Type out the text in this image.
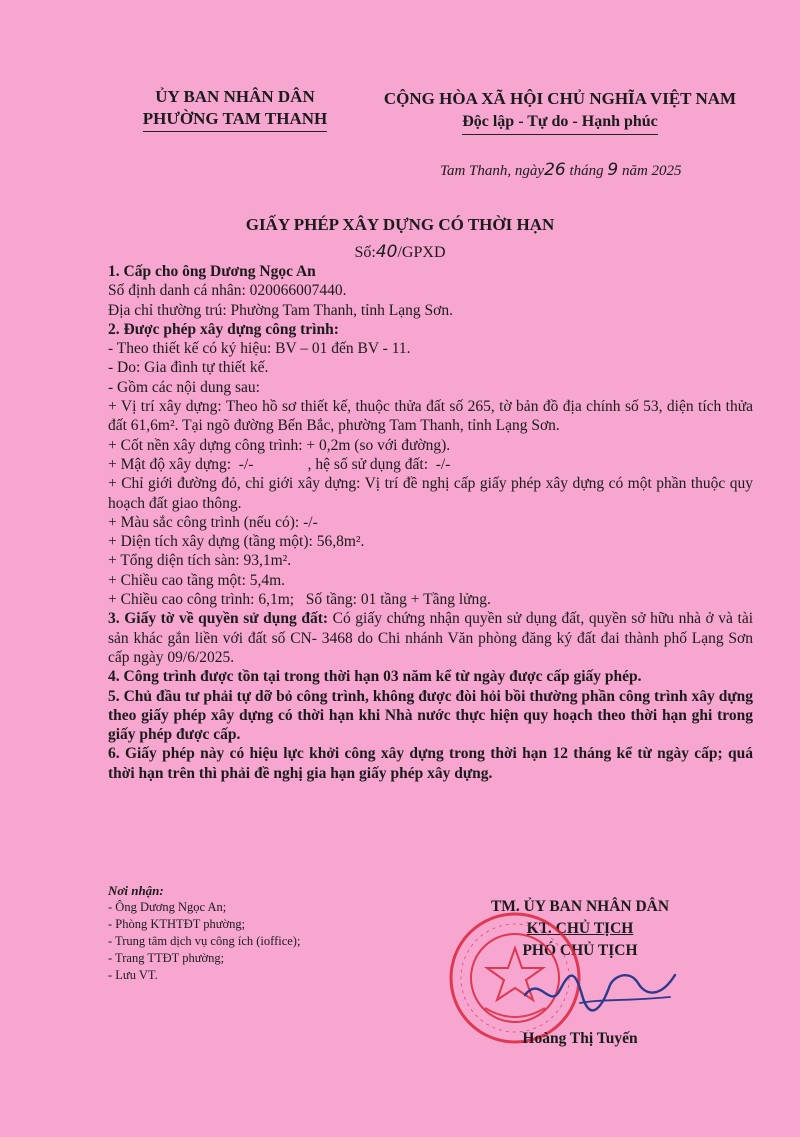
ỦY BAN NHÂN DÂN
PHƯỜNG TAM THANH
CỘNG HÒA XÃ HỘI CHỦ NGHĨA VIỆT NAM
Độc lập - Tự do - Hạnh phúc
Tam Thanh, ngày26 tháng 9 năm 2025
GIẤY PHÉP XÂY DỰNG CÓ THỜI HẠN
Số:40/GPXD

1. Cấp cho ông Dương Ngọc An

Số định danh cá nhân: 020066007440.

Địa chỉ thường trú: Phường Tam Thanh, tỉnh Lạng Sơn.

2. Được phép xây dựng công trình:

- Theo thiết kế có ký hiệu: BV – 01 đến BV - 11.

- Do: Gia đình tự thiết kế.

- Gồm các nội dung sau:

+ Vị trí xây dựng: Theo hồ sơ thiết kế, thuộc thửa đất số 265, tờ bản đồ địa chính số 53, diện tích thửa đất 61,6m². Tại ngõ đường Bến Bắc, phường Tam Thanh, tỉnh Lạng Sơn.

+ Cốt nền xây dựng công trình: + 0,2m (so với đường).

+ Mật độ xây dựng:  -/-              , hệ số sử dụng đất:  -/-

+ Chỉ giới đường đỏ, chỉ giới xây dựng: Vị trí đề nghị cấp giấy phép xây dựng có một phần thuộc quy hoạch đất giao thông.

+ Màu sắc công trình (nếu có): -/-

+ Diện tích xây dựng (tầng một): 56,8m².

+ Tổng diện tích sàn: 93,1m².

+ Chiều cao tầng một: 5,4m.

+ Chiều cao công trình: 6,1m;   Số tầng: 01 tầng + Tầng lửng.

3. Giấy tờ về quyền sử dụng đất: Có giấy chứng nhận quyền sử dụng đất, quyền sở hữu nhà ở và tài sản khác gắn liền với đất số CN- 3468 do Chi nhánh Văn phòng đăng ký đất đai thành phố Lạng Sơn cấp ngày 09/6/2025.

4. Công trình được tồn tại trong thời hạn 03 năm kể từ ngày được cấp giấy phép.

5. Chủ đầu tư phải tự dỡ bỏ công trình, không được đòi hỏi bồi thường phần công trình xây dựng theo giấy phép xây dựng có thời hạn khi Nhà nước thực hiện quy hoạch theo thời hạn ghi trong giấy phép được cấp.

6. Giấy phép này có hiệu lực khởi công xây dựng trong thời hạn 12 tháng kể từ ngày cấp; quá thời hạn trên thì phải đề nghị gia hạn giấy phép xây dựng.

Nơi nhận:
- Ông Dương Ngọc An;
- Phòng KTHTĐT phường;
- Trung tâm dịch vụ công ích (ioffice);
- Trang TTĐT phường;
- Lưu VT.
TM. ỦY BAN NHÂN DÂN
KT. CHỦ TỊCH
PHÓ CHỦ TỊCH
Hoàng Thị Tuyến
